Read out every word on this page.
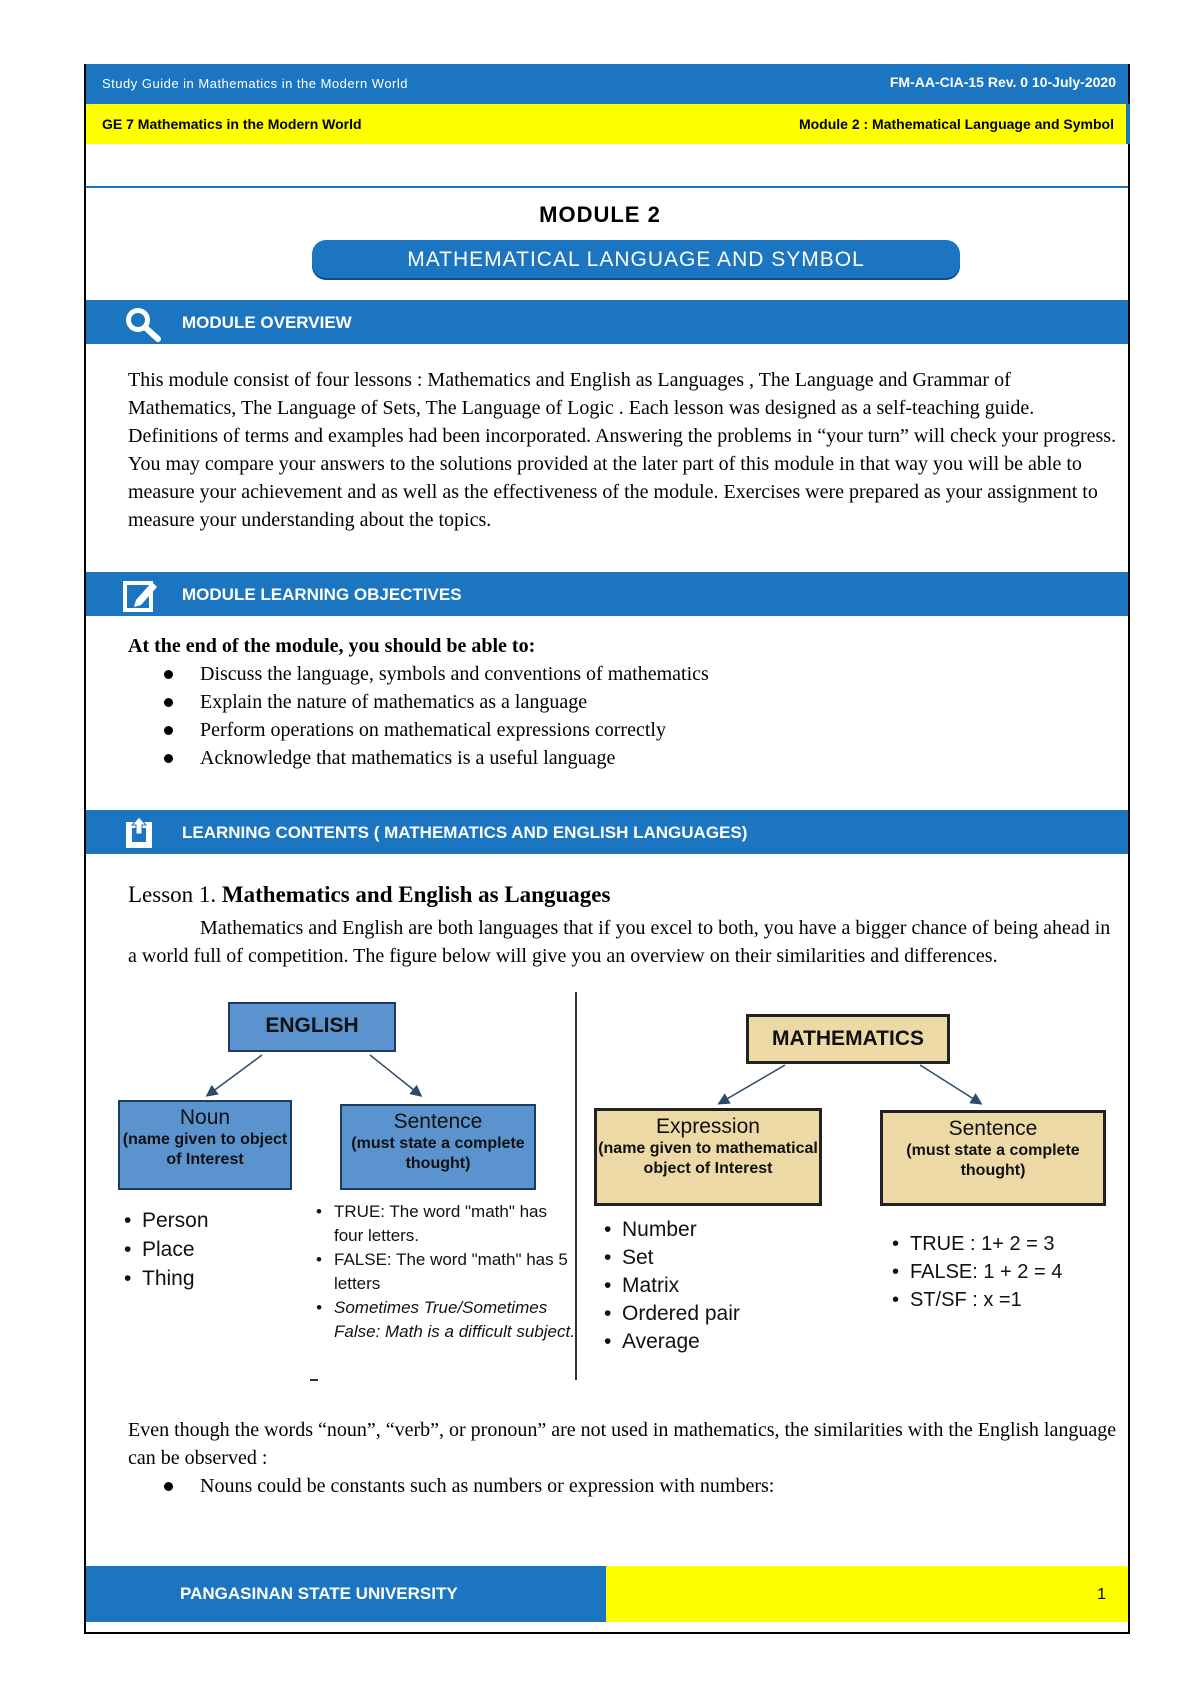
Study Guide in Mathematics in the Modern World	FM-AA-CIA-15 Rev. 0 10-July-2020
GE 7 Mathematics in the Modern World	Module 2 : Mathematical Language and Symbol
MODULE 2
MATHEMATICAL LANGUAGE AND SYMBOL
MODULE OVERVIEW
This module consist of four lessons : Mathematics and English as Languages , The Language and Grammar of Mathematics, The Language of Sets, The Language of Logic . Each lesson was designed as a self-teaching guide. Definitions of terms and examples had been incorporated. Answering the problems in “your turn” will check your progress. You may compare your answers to the solutions provided at the later part of this module in that way you will be able to measure your achievement and as well as the effectiveness of the module. Exercises were prepared as your assignment to measure your understanding about the topics.
MODULE LEARNING OBJECTIVES
At the end of the module, you should be able to:
Discuss the language, symbols and conventions of mathematics
Explain the nature of mathematics as a language
Perform operations on mathematical expressions correctly
Acknowledge that mathematics is a useful language
LEARNING CONTENTS ( MATHEMATICS AND ENGLISH LANGUAGES)
Lesson 1. Mathematics and English as Languages
Mathematics and English are both languages that if you excel to both, you have a bigger chance of being ahead in a world full of competition. The figure below will give you an overview on their similarities and differences.
ENGLISH
Noun
(name given to object of Interest
Sentence
(must state a complete thought)
• Person
• Place
• Thing
• TRUE: The word "math" has four letters.
• FALSE: The word "math" has 5 letters
• Sometimes True/Sometimes False: Math is a difficult subject.
MATHEMATICS
Expression
(name given to mathematical object of Interest
Sentence
(must state a complete thought)
• Number
• Set
• Matrix
• Ordered pair
• Average
• TRUE : 1+ 2 = 3
• FALSE: 1 + 2 = 4
• ST/SF : x =1
Even though the words “noun”, “verb”, or pronoun” are not used in mathematics, the similarities with the English language can be observed :
Nouns could be constants such as numbers or expression with numbers:
PANGASINAN STATE UNIVERSITY	1
